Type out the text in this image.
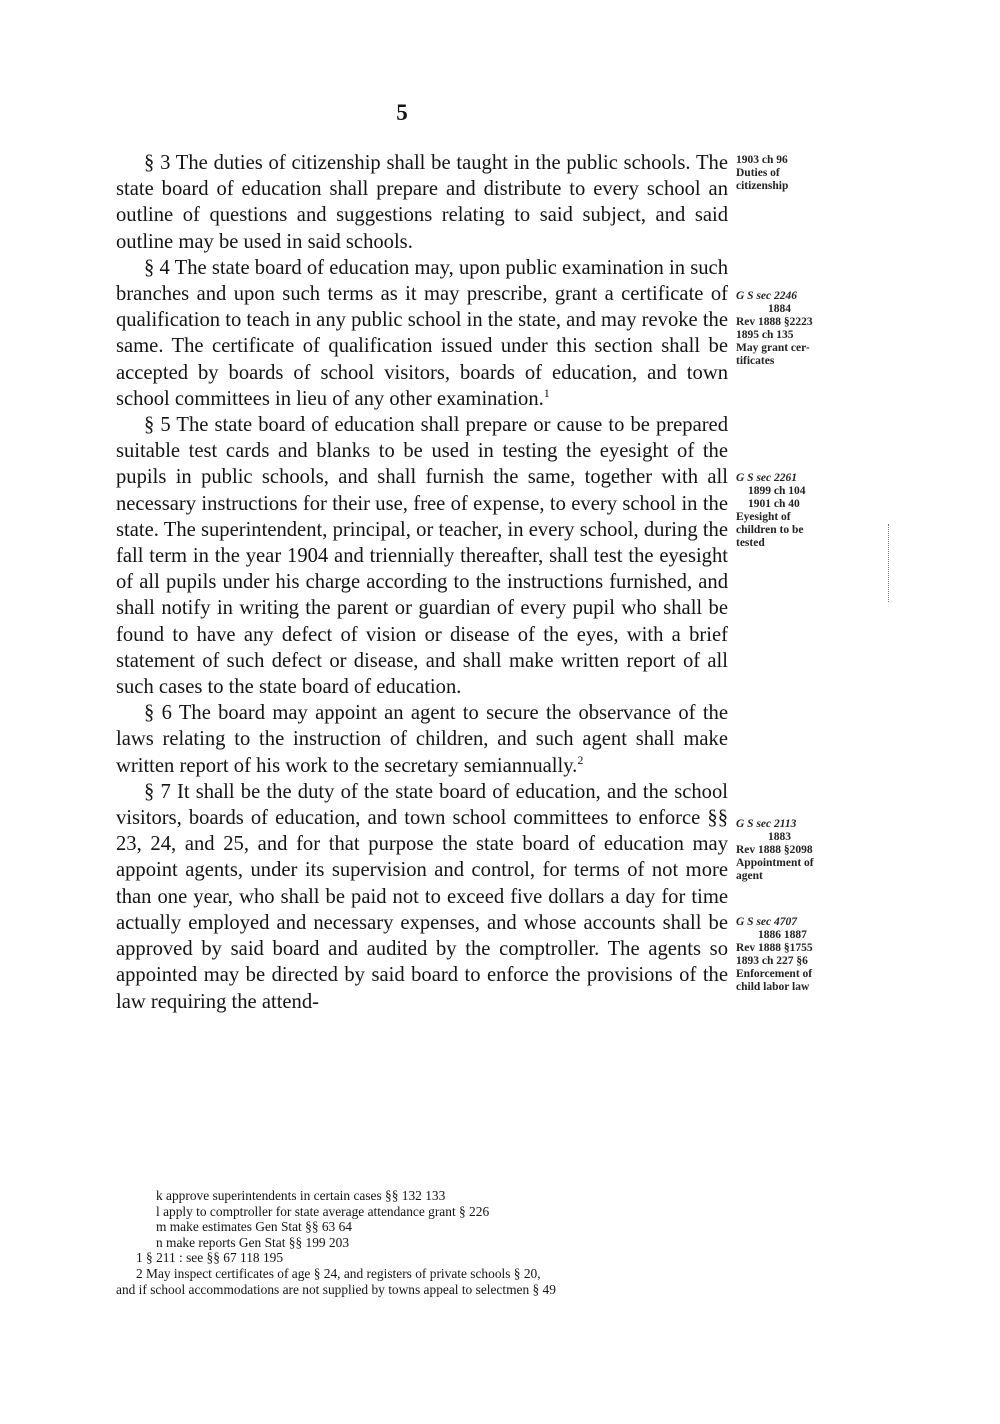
5

§ 3 The duties of citizenship shall be taught in the public schools. The state board of education shall prepare and distribute to every school an outline of questions and suggestions relating to said subject, and said outline may be used in said schools.

§ 4 The state board of education may, upon public examination in such branches and upon such terms as it may prescribe, grant a certificate of qualification to teach in any public school in the state, and may revoke the same. The certificate of qualification issued under this section shall be accepted by boards of school visitors, boards of education, and town school committees in lieu of any other examination.$^1$

§ 5 The state board of education shall prepare or cause to be prepared suitable test cards and blanks to be used in testing the eyesight of the pupils in public schools, and shall furnish the same, together with all necessary instructions for their use, free of expense, to every school in the state. The superintendent, principal, or teacher, in every school, during the fall term in the year 1904 and triennially thereafter, shall test the eyesight of all pupils under his charge according to the instructions furnished, and shall notify in writing the parent or guardian of every pupil who shall be found to have any defect of vision or disease of the eyes, with a brief statement of such defect or disease, and shall make written report of all such cases to the state board of education.

§ 6 The board may appoint an agent to secure the observance of the laws relating to the instruction of children, and such agent shall make written report of his work to the secretary semiannually.$^2$

§ 7 It shall be the duty of the state board of education, and the school visitors, boards of education, and town school committees to enforce §§ 23, 24, and 25, and for that purpose the state board of education may appoint agents, under its supervision and control, for terms of not more than one year, who shall be paid not to exceed five dollars a day for time actually employed and necessary expenses, and whose accounts shall be approved by said board and audited by the comptroller. The agents so appointed may be directed by said board to enforce the provisions of the law requiring the attend-

1903 ch 96
Duties of
citizenship
G S sec 2246
1884
Rev 1888 §2223
1895 ch 135
May grant cer-
tificates
G S sec 2261
1899 ch 104
1901 ch 40
Eyesight of
children to be
tested
G S sec 2113
1883
Rev 1888 §2098
Appointment of
agent
G S sec 4707
1886 1887
Rev 1888 §1755
1893 ch 227 §6
Enforcement of
child labor law
k approve superintendents in certain cases §§ 132 133
l apply to comptroller for state average attendance grant § 226
m make estimates Gen Stat §§ 63 64
n make reports Gen Stat §§ 199 203
1 § 211 : see §§ 67 118 195
2 May inspect certificates of age § 24, and registers of private schools § 20,
and if school accommodations are not supplied by towns appeal to selectmen § 49
